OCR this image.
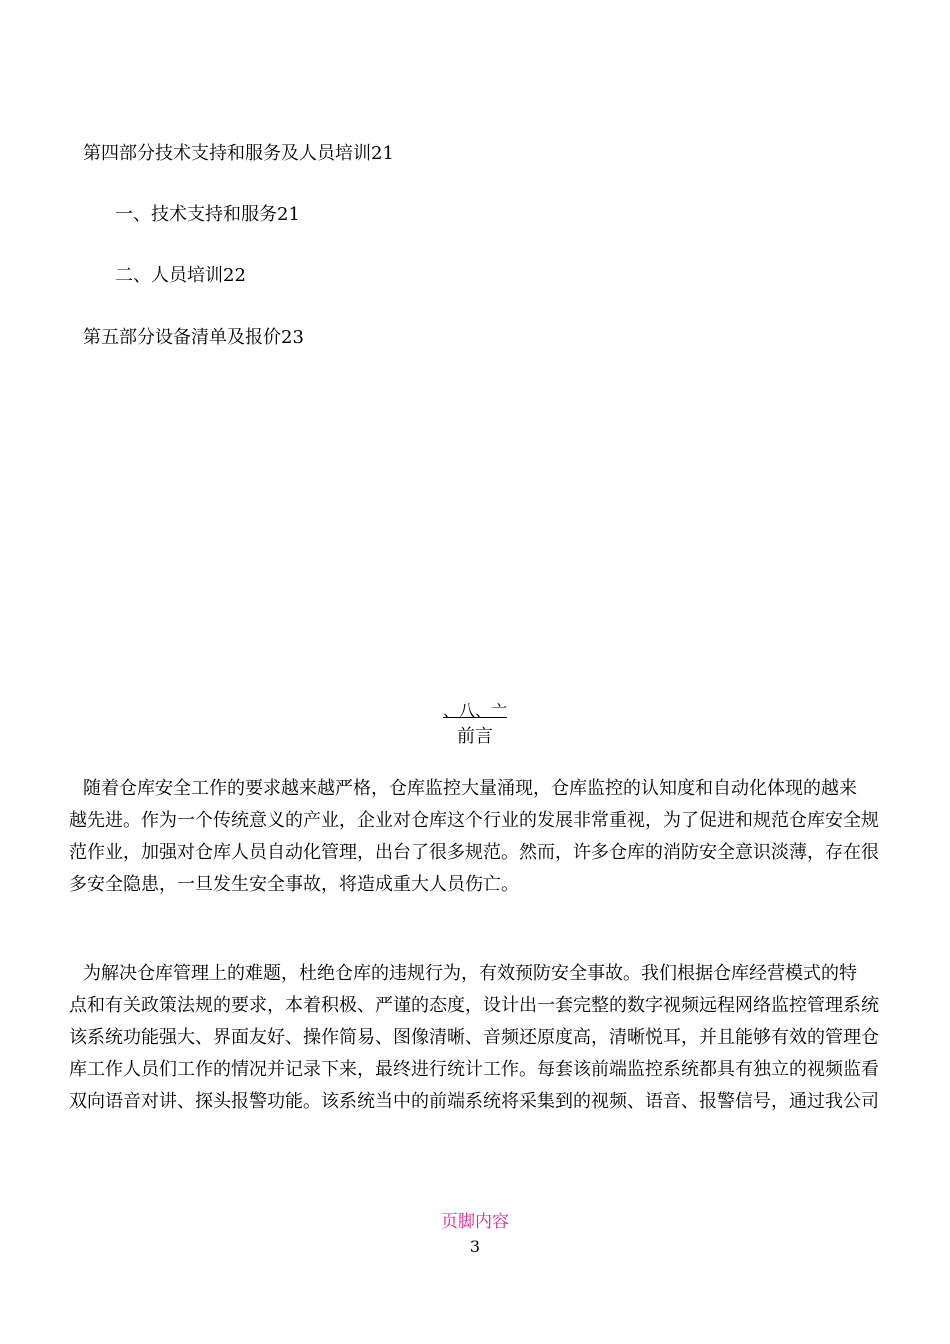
第四部分技术支持和服务及人员培训21
一、技术支持和服务21
二、人员培训22
第五部分设备清单及报价23
、八、亠
前言
随着仓库安全工作的要求越来越严格，仓库监控大量涌现，仓库监控的认知度和自动化体现的越来
越先进。作为一个传统意义的产业，企业对仓库这个行业的发展非常重视，为了促进和规范仓库安全规
范作业，加强对仓库人员自动化管理，出台了很多规范。然而，许多仓库的消防安全意识淡薄，存在很
多安全隐患，一旦发生安全事故，将造成重大人员伤亡。
为解决仓库管理上的难题，杜绝仓库的违规行为，有效预防安全事故。我们根据仓库经营模式的特
点和有关政策法规的要求，本着积极、严谨的态度，设计出一套完整的数字视频远程网络监控管理系统
该系统功能强大、界面友好、操作简易、图像清晰、音频还原度高，清晰悦耳，并且能够有效的管理仓
库工作人员们工作的情况并记录下来，最终进行统计工作。每套该前端监控系统都具有独立的视频监看
双向语音对讲、探头报警功能。该系统当中的前端系统将采集到的视频、语音、报警信号，通过我公司
页脚内容
3
